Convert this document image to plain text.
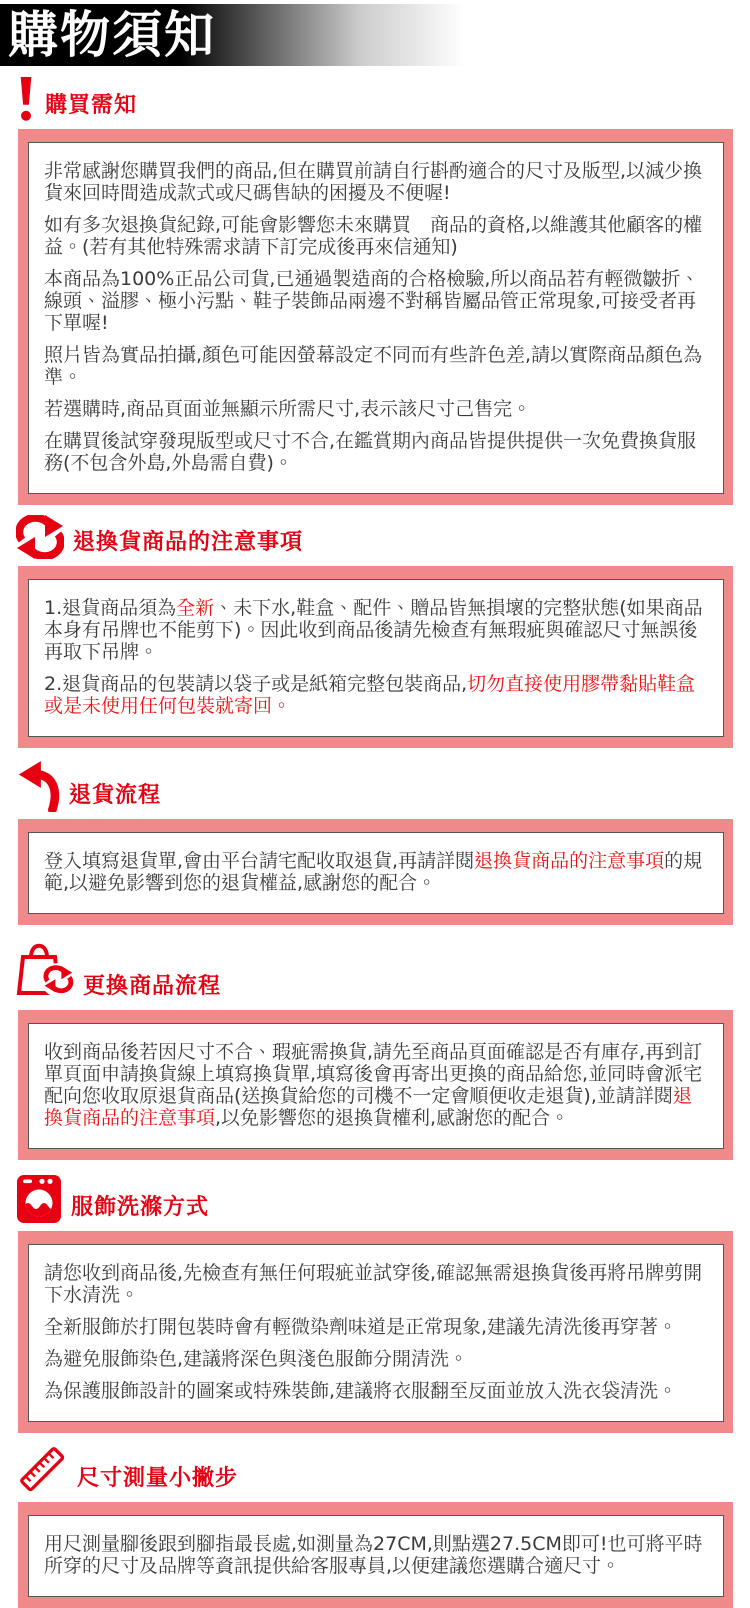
購物須知
購買需知

非常感謝您購買我們的商品,但在購買前請自行斟酌適合的尺寸及版型,以減少換貨來回時間造成款式或尺碼售缺的困擾及不便喔!

如有多次退換貨紀錄,可能會影響您未來購買　商品的資格,以維護其他顧客的權益。(若有其他特殊需求請下訂完成後再來信通知)

本商品為100%正品公司貨,已通過製造商的合格檢驗,所以商品若有輕微皺折、線頭、溢膠、極小污點、鞋子裝飾品兩邊不對稱皆屬品管正常現象,可接受者再下單喔!

照片皆為實品拍攝,顏色可能因螢幕設定不同而有些許色差,請以實際商品顏色為準。

若選購時,商品頁面並無顯示所需尺寸,表示該尺寸己售完。

在購買後試穿發現版型或尺寸不合,在鑑賞期內商品皆提供提供一次免費換貨服務(不包含外島,外島需自費)。

退換貨商品的注意事項

1.退貨商品須為全新、未下水,鞋盒、配件、贈品皆無損壞的完整狀態(如果商品本身有吊牌也不能剪下)。因此收到商品後請先檢查有無瑕疵與確認尺寸無誤後再取下吊牌。

2.退貨商品的包裝請以袋子或是紙箱完整包裝商品,切勿直接使用膠帶黏貼鞋盒或是未使用任何包裝就寄回。

退貨流程

登入填寫退貨單,會由平台請宅配收取退貨,再請詳閱退換貨商品的注意事項的規範,以避免影響到您的退貨權益,感謝您的配合。

更換商品流程

收到商品後若因尺寸不合、瑕疵需換貨,請先至商品頁面確認是否有庫存,再到訂單頁面申請換貨線上填寫換貨單,填寫後會再寄出更換的商品給您,並同時會派宅配向您收取原退貨商品(送換貨給您的司機不一定會順便收走退貨),並請詳閱退換貨商品的注意事項,以免影響您的退換貨權利,感謝您的配合。

服飾洗滌方式

請您收到商品後,先檢查有無任何瑕疵並試穿後,確認無需退換貨後再將吊牌剪開下水清洗。

全新服飾於打開包裝時會有輕微染劑味道是正常現象,建議先清洗後再穿著。

為避免服飾染色,建議將深色與淺色服飾分開清洗。

為保護服飾設計的圖案或特殊裝飾,建議將衣服翻至反面並放入洗衣袋清洗。

尺寸測量小撇步

用尺測量腳後跟到腳指最長處,如測量為27CM,則點選27.5CM即可!也可將平時所穿的尺寸及品牌等資訊提供給客服專員,以便建議您選購合適尺寸。
